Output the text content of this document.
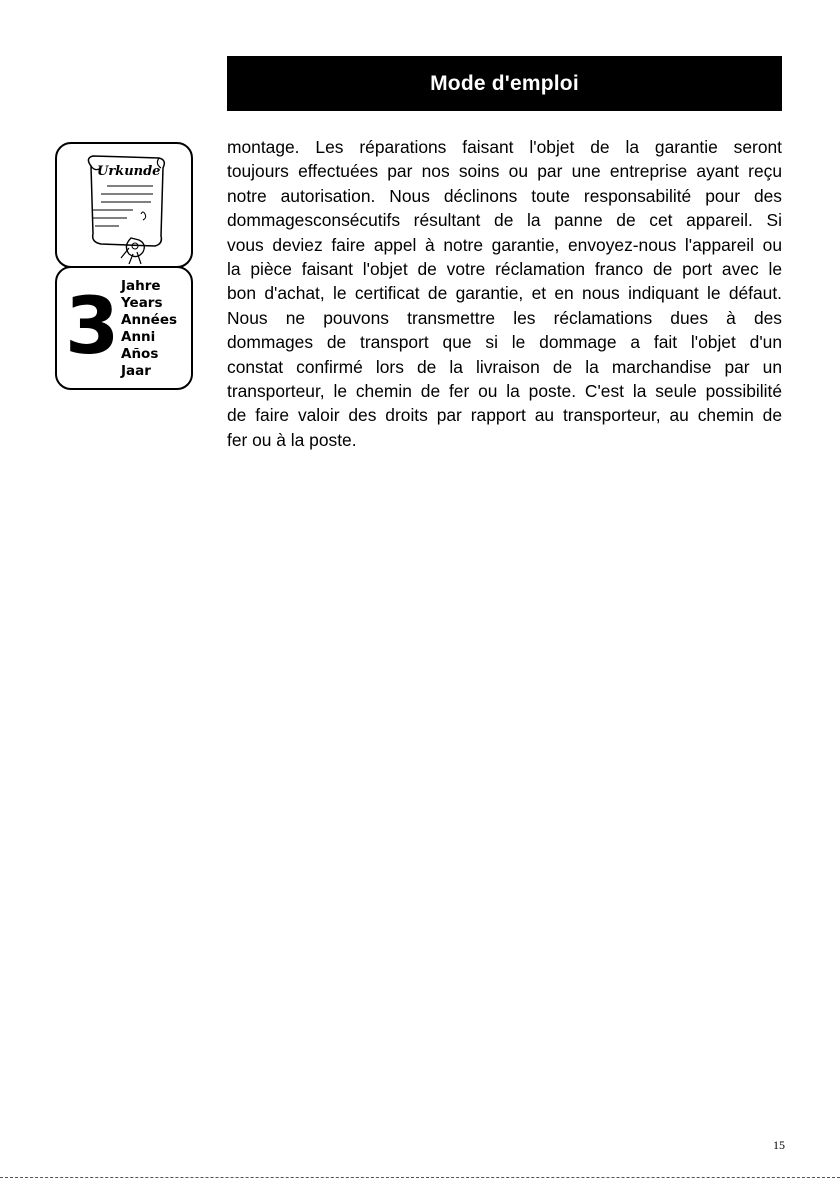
Mode d'emploi
Urkunde
3 Jahre
Years
Années
Anni
Años
Jaar

montage. Les réparations faisant l'objet de la garantie seront
toujours effectuées par nos soins ou par une entreprise ayant reçu
notre autorisation. Nous déclinons toute responsabilité pour des
dommagesconsécutifs résultant de la panne de cet appareil. Si
vous deviez faire appel à notre garantie, envoyez-nous l'appareil ou
la pièce faisant l'objet de votre réclamation franco de port avec le
bon d'achat, le certificat de garantie, et en nous indiquant le défaut.
Nous ne pouvons transmettre les réclamations dues à des
dommages de transport que si le dommage a fait l'objet d'un
constat confirmé lors de la livraison de la marchandise par un
transporteur, le chemin de fer ou la poste. C'est la seule possibilité
de faire valoir des droits par rapport au transporteur, au chemin de
fer ou à la poste.

15
